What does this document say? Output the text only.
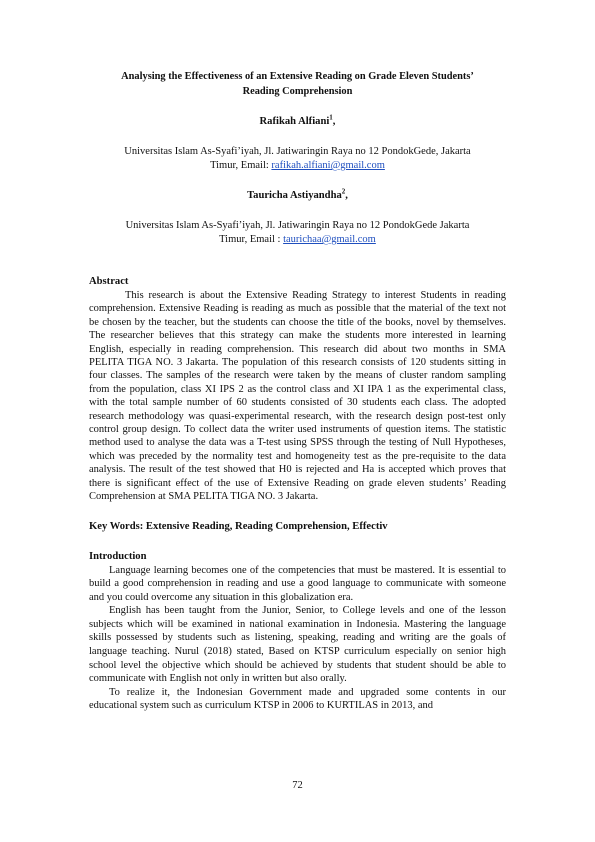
Analysing the Effectiveness of an Extensive Reading on Grade Eleven Students’
Reading Comprehension
Rafikah Alfiani$^1$,
Universitas Islam As-Syafi’iyah, Jl. Jatiwaringin Raya no 12 PondokGede, Jakarta
Timur, Email: rafikah.alfiani@gmail.com
Tauricha Astiyandha$^2$,
Universitas Islam As-Syafi’iyah, Jl. Jatiwaringin Raya no 12 PondokGede Jakarta
Timur, Email : taurichaa@gmail.com
Abstract

This research is about the Extensive Reading Strategy to interest Students in reading comprehension. Extensive Reading is reading as much as possible that the material of the text not be chosen by the teacher, but the students can choose the title of the books, novel by themselves. The researcher believes that this strategy can make the students more interested in learning English, especially in reading comprehension. This research did about two months in SMA PELITA TIGA NO. 3 Jakarta. The population of this research consists of 120 students sitting in four classes. The samples of the research were taken by the means of cluster random sampling from the population, class XI IPS 2 as the control class and XI IPA 1 as the experimental class, with the total sample number of 60 students consisted of 30 students each class. The adopted research methodology was quasi-experimental research, with the research design post-test only control group design. To collect data the writer used instruments of question items. The statistic method used to analyse the data was a T-test using SPSS through the testing of Null Hypotheses, which was preceded by the normality test and homogeneity test as the pre-requisite to the data analysis. The result of the test showed that H0 is rejected and Ha is accepted which proves that there is significant effect of the use of Extensive Reading on grade eleven students’ Reading Comprehension at SMA PELITA TIGA NO. 3 Jakarta.

Key Words: Extensive Reading, Reading Comprehension, Effectiv
Introduction

Language learning becomes one of the competencies that must be mastered. It is essential to build a good comprehension in reading and use a good language to communicate with someone and you could overcome any situation in this globalization era.

English has been taught from the Junior, Senior, to College levels and one of the lesson subjects which will be examined in national examination in Indonesia. Mastering the language skills possessed by students such as listening, speaking, reading and writing are the goals of language teaching. Nurul (2018) stated, Based on KTSP curriculum especially on senior high school level the objective which should be achieved by students that student should be able to communicate with English not only in written but also orally.

To realize it, the Indonesian Government made and upgraded some contents in our educational system such as curriculum KTSP in 2006 to KURTILAS in 2013, and

72
